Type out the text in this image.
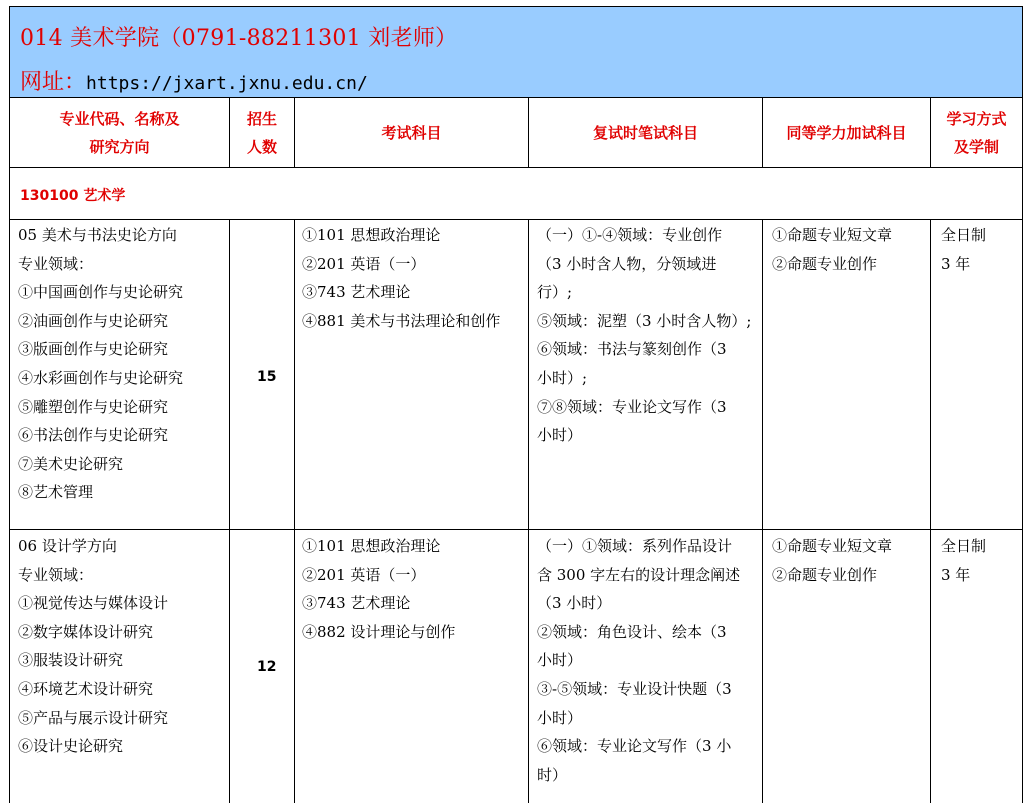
014 美术学院（0791-88211301 刘老师）
网址：https://jxart.jxnu.edu.cn/
专业代码、名称及
研究方向
招生
人数
考试科目	复试时笔试科目	同等学力加试科目
学习方式
及学制
130100 艺术学
05 美术与书法史论方向
专业领域：
①中国画创作与史论研究
②油画创作与史论研究
③版画创作与史论研究
④水彩画创作与史论研究
⑤雕塑创作与史论研究
⑥书法创作与史论研究
⑦美术史论研究
⑧艺术管理
15
①101 思想政治理论
②201 英语（一）
③743 艺术理论
④881 美术与书法理论和创作
（一）①-④领域：专业创作
（3 小时含人物，分领域进
行）;
⑤领域：泥塑（3 小时含人物）;
⑥领域：书法与篆刻创作（3
小时）;
⑦⑧领域：专业论文写作（3
小时）
①命题专业短文章
②命题专业创作
全日制
3 年
06 设计学方向
专业领域：
①视觉传达与媒体设计
②数字媒体设计研究
③服装设计研究
④环境艺术设计研究
⑤产品与展示设计研究
⑥设计史论研究
12
①101 思想政治理论
②201 英语（一）
③743 艺术理论
④882 设计理论与创作
（一）①领域：系列作品设计
含 300 字左右的设计理念阐述
（3 小时）
②领域：角色设计、绘本（3
小时）
③-⑤领域：专业设计快题（3
小时）
⑥领域：专业论文写作（3 小
时）
①命题专业短文章
②命题专业创作
全日制
3 年
